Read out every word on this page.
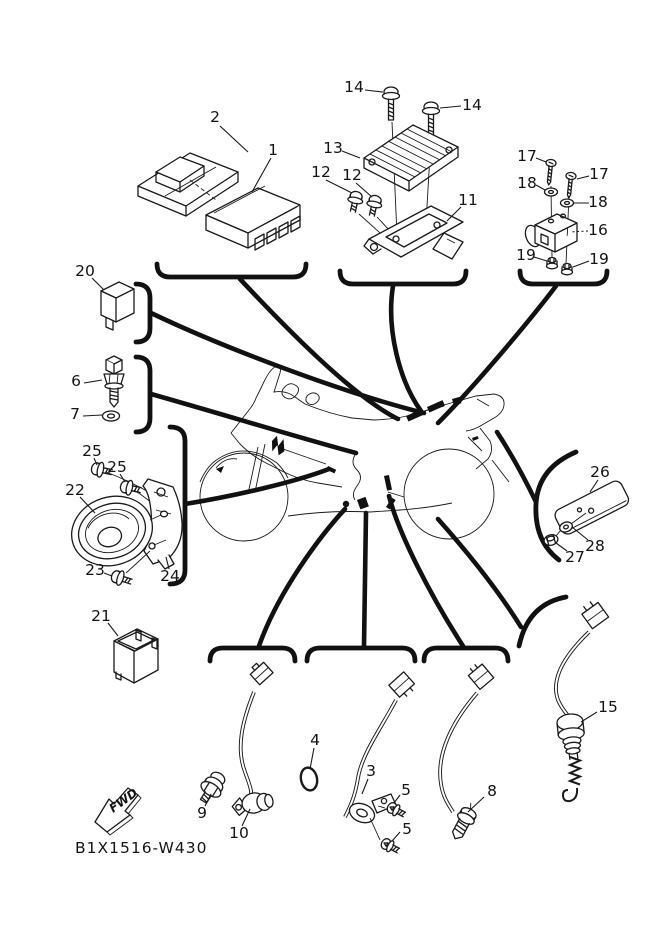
FWD
B1X1516-W430
2
1
14
14
13
12 12
11
17
17
18
18
16
19	19
20
6
7
25
25
22
23	24
21
26
28
27
9
10
4
3
5
5
8
15
